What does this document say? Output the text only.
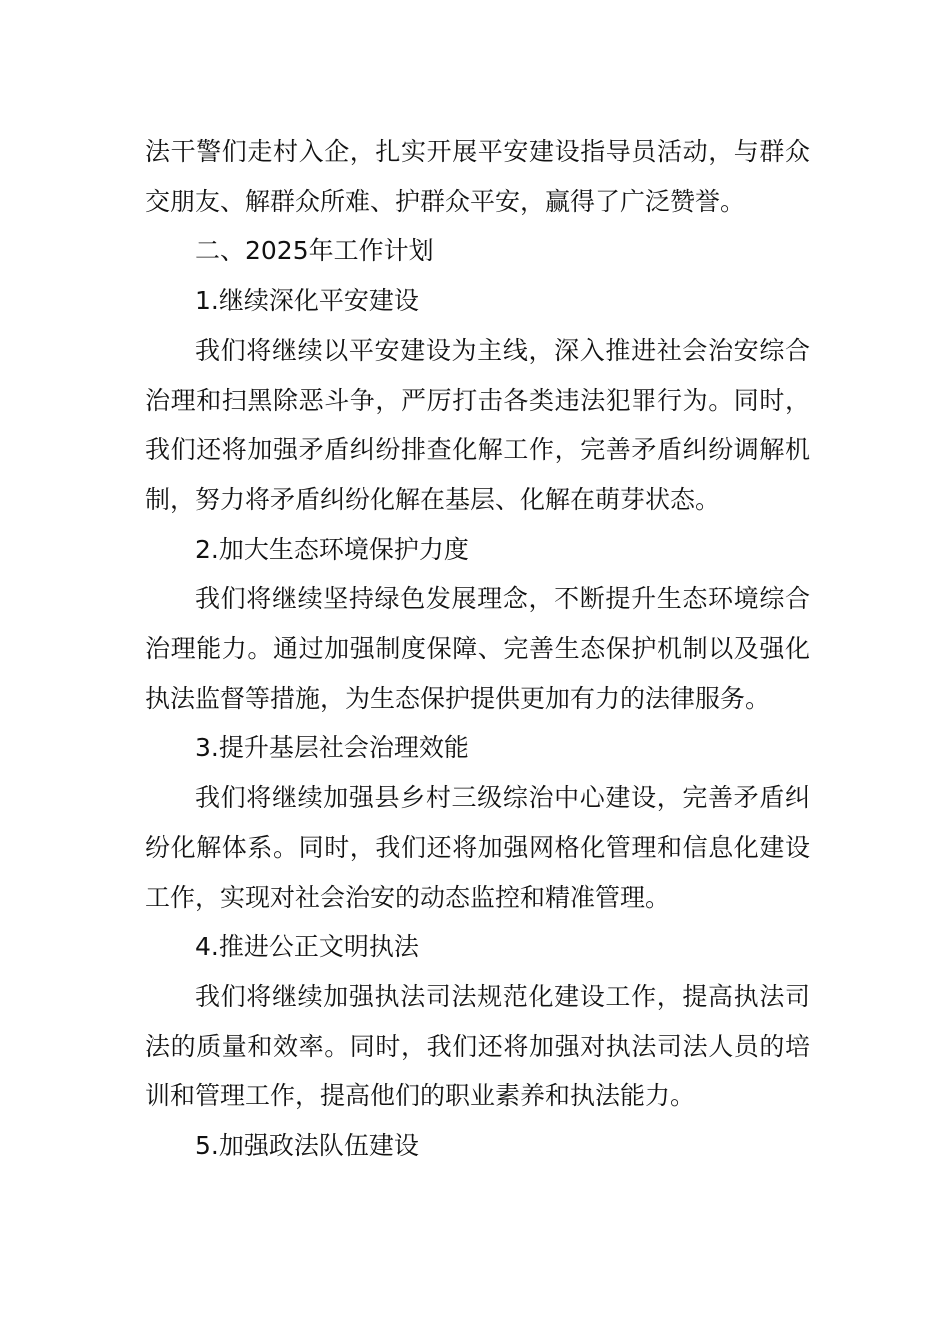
法干警们走村入企，扎实开展平安建设指导员活动，与群众交朋友、解群众所难、护群众平安，赢得了广泛赞誉。

二、2025年工作计划

1.继续深化平安建设

我们将继续以平安建设为主线，深入推进社会治安综合治理和扫黑除恶斗争，严厉打击各类违法犯罪行为。同时，我们还将加强矛盾纠纷排查化解工作，完善矛盾纠纷调解机制，努力将矛盾纠纷化解在基层、化解在萌芽状态。

2.加大生态环境保护力度

我们将继续坚持绿色发展理念，不断提升生态环境综合治理能力。通过加强制度保障、完善生态保护机制以及强化执法监督等措施，为生态保护提供更加有力的法律服务。

3.提升基层社会治理效能

我们将继续加强县乡村三级综治中心建设，完善矛盾纠纷化解体系。同时，我们还将加强网格化管理和信息化建设工作，实现对社会治安的动态监控和精准管理。

4.推进公正文明执法

我们将继续加强执法司法规范化建设工作，提高执法司法的质量和效率。同时，我们还将加强对执法司法人员的培训和管理工作，提高他们的职业素养和执法能力。

5.加强政法队伍建设
